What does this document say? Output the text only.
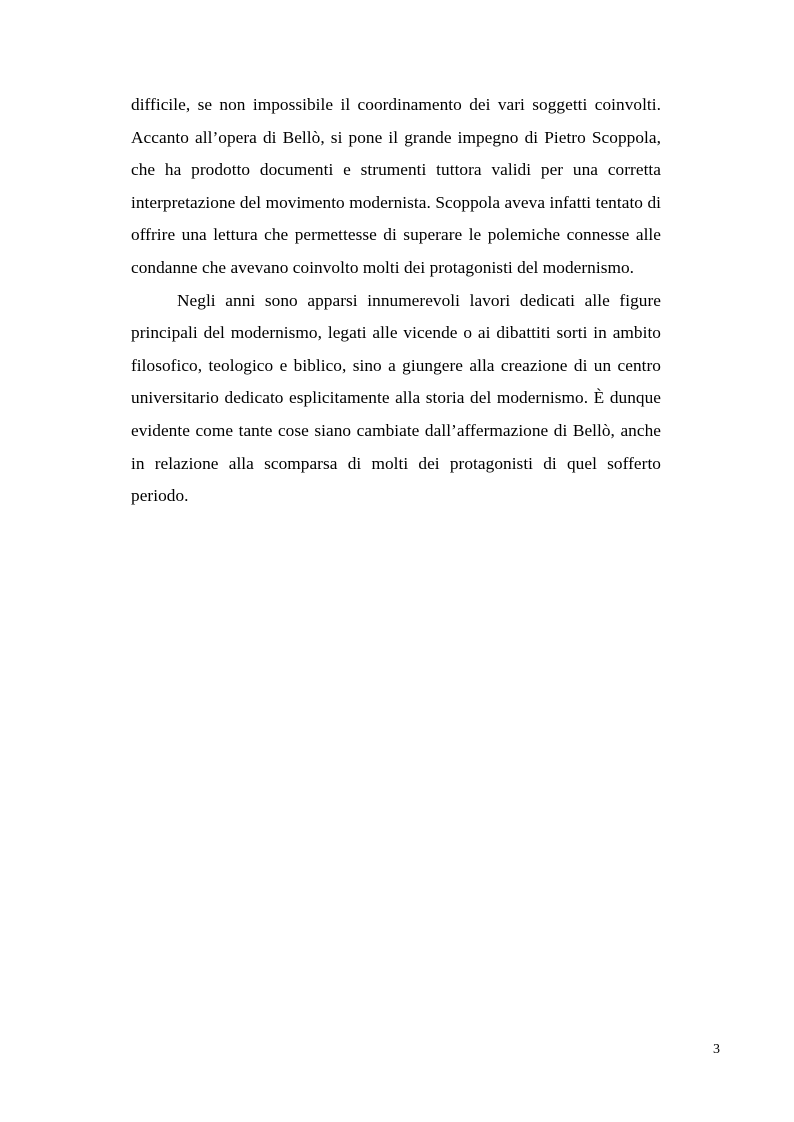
difficile, se non impossibile il coordinamento dei vari soggetti coinvolti. Accanto all’opera di Bellò, si pone il grande impegno di Pietro Scoppola, che ha prodotto documenti e strumenti tuttora validi per una corretta interpretazione del movimento modernista. Scoppola aveva infatti tentato di offrire una lettura che permettesse di superare le polemiche connesse alle condanne che avevano coinvolto molti dei protagonisti del modernismo.

Negli anni sono apparsi innumerevoli lavori dedicati alle figure principali del modernismo, legati alle vicende o ai dibattiti sorti in ambito filosofico, teologico e biblico, sino a giungere alla creazione di un centro universitario dedicato esplicitamente alla storia del modernismo. È dunque evidente come tante cose siano cambiate dall’affermazione di Bellò, anche in relazione alla scomparsa di molti dei protagonisti di quel sofferto periodo.

3
